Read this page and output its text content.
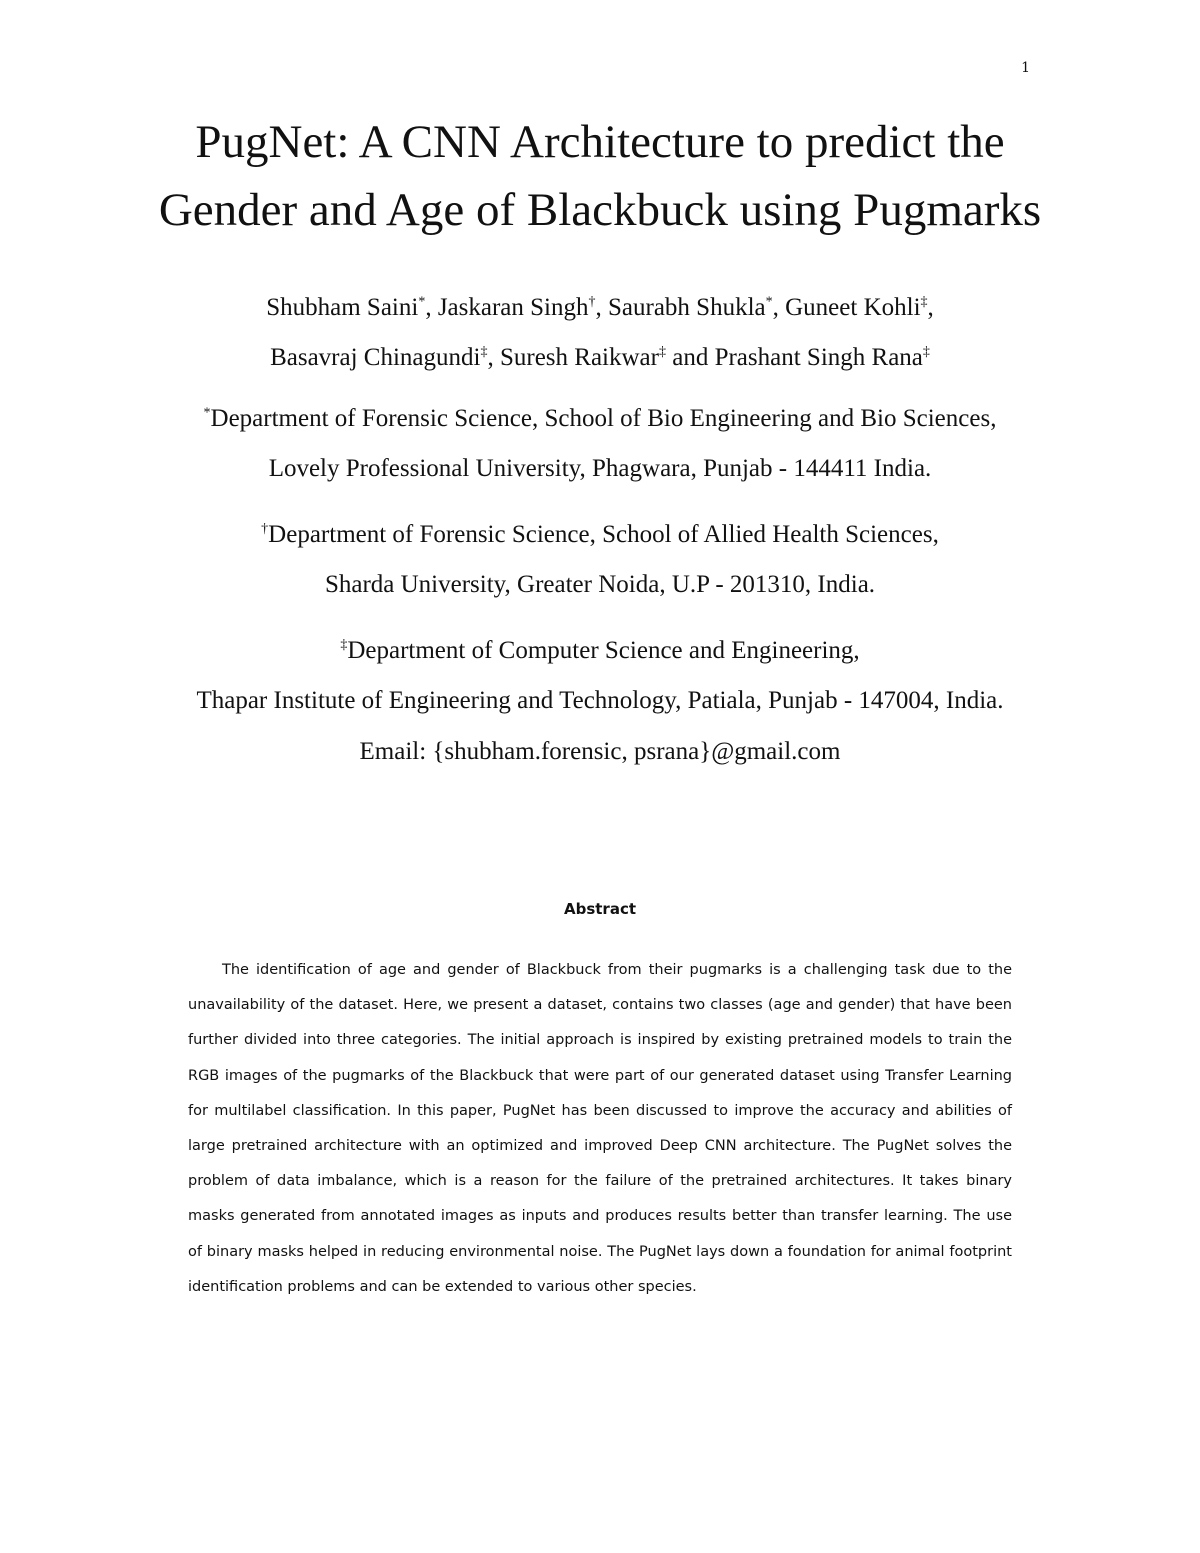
1
PugNet: A CNN Architecture to predict the
Gender and Age of Blackbuck using Pugmarks
Shubham Saini*, Jaskaran Singh†, Saurabh Shukla*, Guneet Kohli‡,
Basavraj Chinagundi‡, Suresh Raikwar‡ and Prashant Singh Rana‡
*Department of Forensic Science, School of Bio Engineering and Bio Sciences,
Lovely Professional University, Phagwara, Punjab - 144411 India.
†Department of Forensic Science, School of Allied Health Sciences,
Sharda University, Greater Noida, U.P - 201310, India.
‡Department of Computer Science and Engineering,
Thapar Institute of Engineering and Technology, Patiala, Punjab - 147004, India.
Email: {shubham.forensic, psrana}@gmail.com
Abstract

The identification of age and gender of Blackbuck from their pugmarks is a challenging task due to the unavailability of the dataset. Here, we present a dataset, contains two classes (age and gender) that have been further divided into three categories. The initial approach is inspired by existing pretrained models to train the RGB images of the pugmarks of the Blackbuck that were part of our generated dataset using Transfer Learning for multilabel classification. In this paper, PugNet has been discussed to improve the accuracy and abilities of large pretrained architecture with an optimized and improved Deep CNN architecture. The PugNet solves the problem of data imbalance, which is a reason for the failure of the pretrained architectures. It takes binary masks generated from annotated images as inputs and produces results better than transfer learning. The use of binary masks helped in reducing environmental noise. The PugNet lays down a foundation for animal footprint identification problems and can be extended to various other species.
